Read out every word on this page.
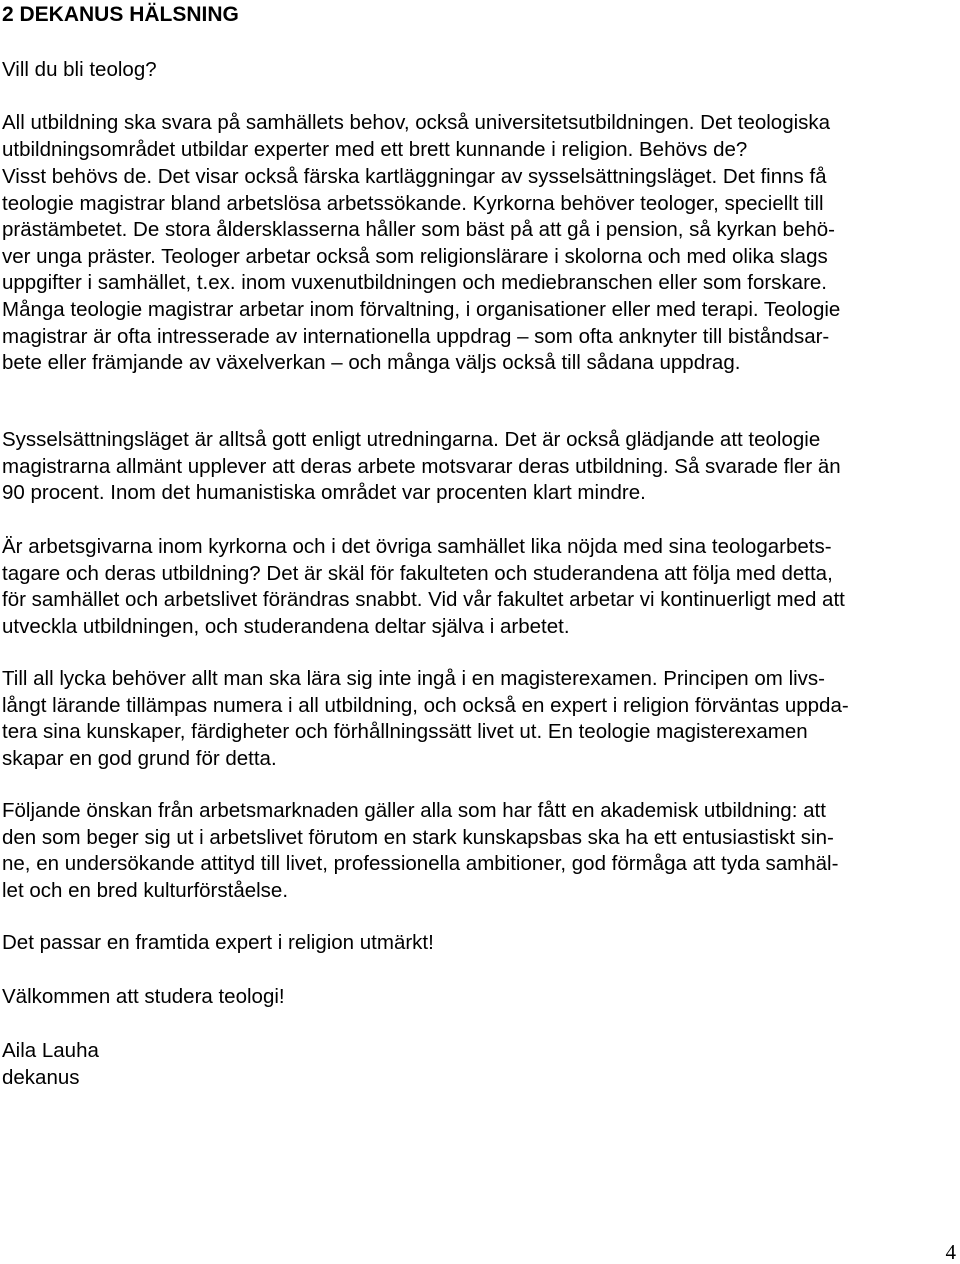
2 DEKANUS HÄLSNING

Vill du bli teolog?

All utbildning ska svara på samhällets behov, också universitetsutbildningen. Det teologiska
utbildningsområdet utbildar experter med ett brett kunnande i religion. Behövs de?

Visst behövs de. Det visar också färska kartläggningar av sysselsättningsläget. Det finns få
teologie magistrar bland arbetslösa arbetssökande. Kyrkorna behöver teologer, speciellt till
prästämbetet. De stora åldersklasserna håller som bäst på att gå i pension, så kyrkan behö-
ver unga präster. Teologer arbetar också som religionslärare i skolorna och med olika slags
uppgifter i samhället, t.ex. inom vuxenutbildningen och mediebranschen eller som forskare.
Många teologie magistrar arbetar inom förvaltning, i organisationer eller med terapi. Teologie
magistrar är ofta intresserade av internationella uppdrag – som ofta anknyter till biståndsar-
bete eller främjande av växelverkan – och många väljs också till sådana uppdrag.

Sysselsättningsläget är alltså gott enligt utredningarna. Det är också glädjande att teologie
magistrarna allmänt upplever att deras arbete motsvarar deras utbildning. Så svarade fler än
90 procent. Inom det humanistiska området var procenten klart mindre.

Är arbetsgivarna inom kyrkorna och i det övriga samhället lika nöjda med sina teologarbets-
tagare och deras utbildning? Det är skäl för fakulteten och studerandena att följa med detta,
för samhället och arbetslivet förändras snabbt. Vid vår fakultet arbetar vi kontinuerligt med att
utveckla utbildningen, och studerandena deltar själva i arbetet.

Till all lycka behöver allt man ska lära sig inte ingå i en magisterexamen. Principen om livs-
långt lärande tillämpas numera i all utbildning, och också en expert i religion förväntas uppda-
tera sina kunskaper, färdigheter och förhållningssätt livet ut. En teologie magisterexamen
skapar en god grund för detta.

Följande önskan från arbetsmarknaden gäller alla som har fått en akademisk utbildning: att
den som beger sig ut i arbetslivet förutom en stark kunskapsbas ska ha ett entusiastiskt sin-
ne, en undersökande attityd till livet, professionella ambitioner, god förmåga att tyda samhäl-
let och en bred kulturförståelse.

Det passar en framtida expert i religion utmärkt!

Välkommen att studera teologi!

Aila Lauha
dekanus

4
